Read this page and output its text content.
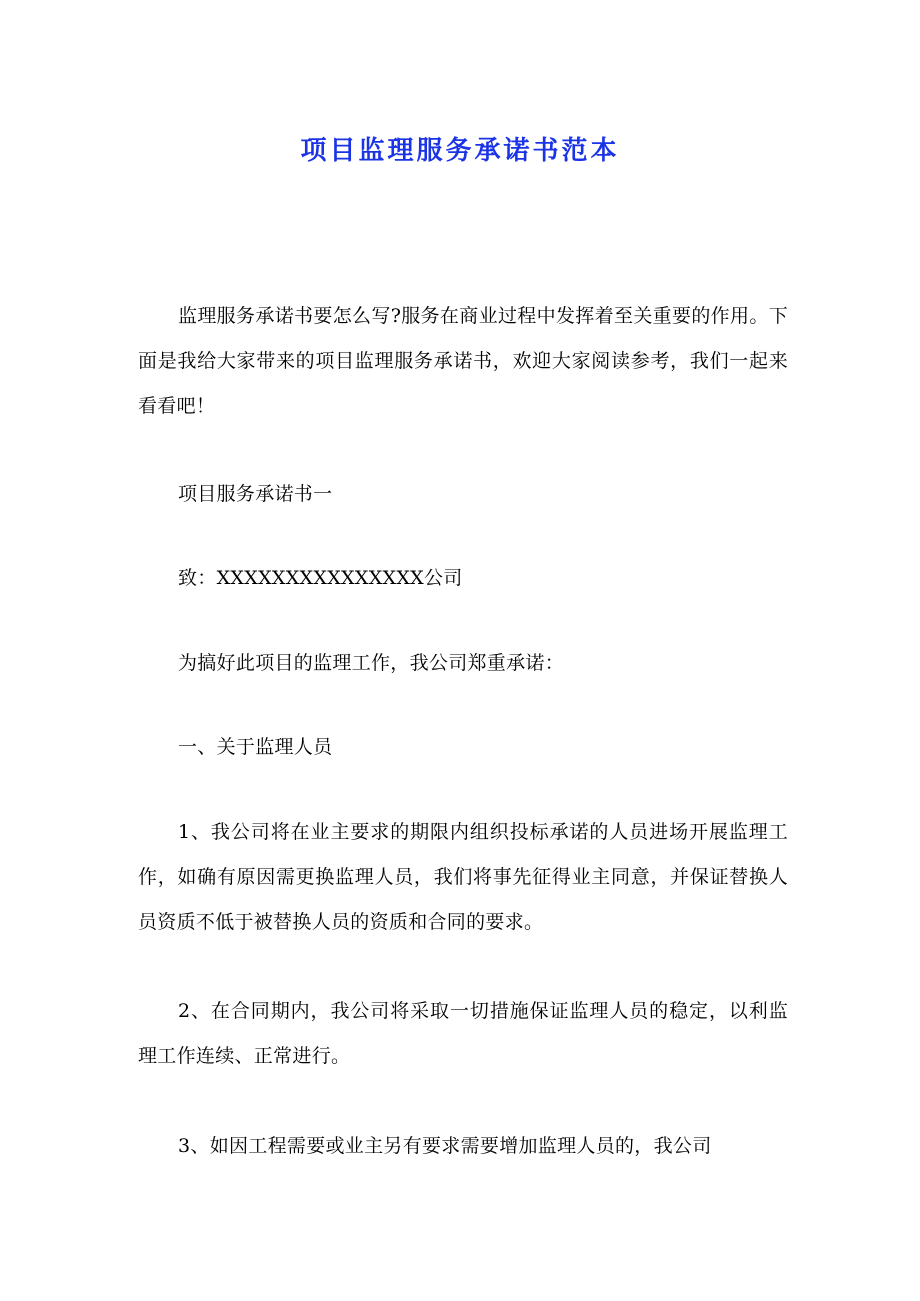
项目监理服务承诺书范本

监理服务承诺书要怎么写?服务在商业过程中发挥着至关重要的作用。下面是我给大家带来的项目监理服务承诺书，欢迎大家阅读参考，我们一起来看看吧！

项目服务承诺书一

致：XXXXXXXXXXXXXXX公司

为搞好此项目的监理工作，我公司郑重承诺：

一、关于监理人员

1、我公司将在业主要求的期限内组织投标承诺的人员进场开展监理工作，如确有原因需更换监理人员，我们将事先征得业主同意，并保证替换人员资质不低于被替换人员的资质和合同的要求。

2、在合同期内，我公司将采取一切措施保证监理人员的稳定，以利监理工作连续、正常进行。

3、如因工程需要或业主另有要求需要增加监理人员的，我公司
